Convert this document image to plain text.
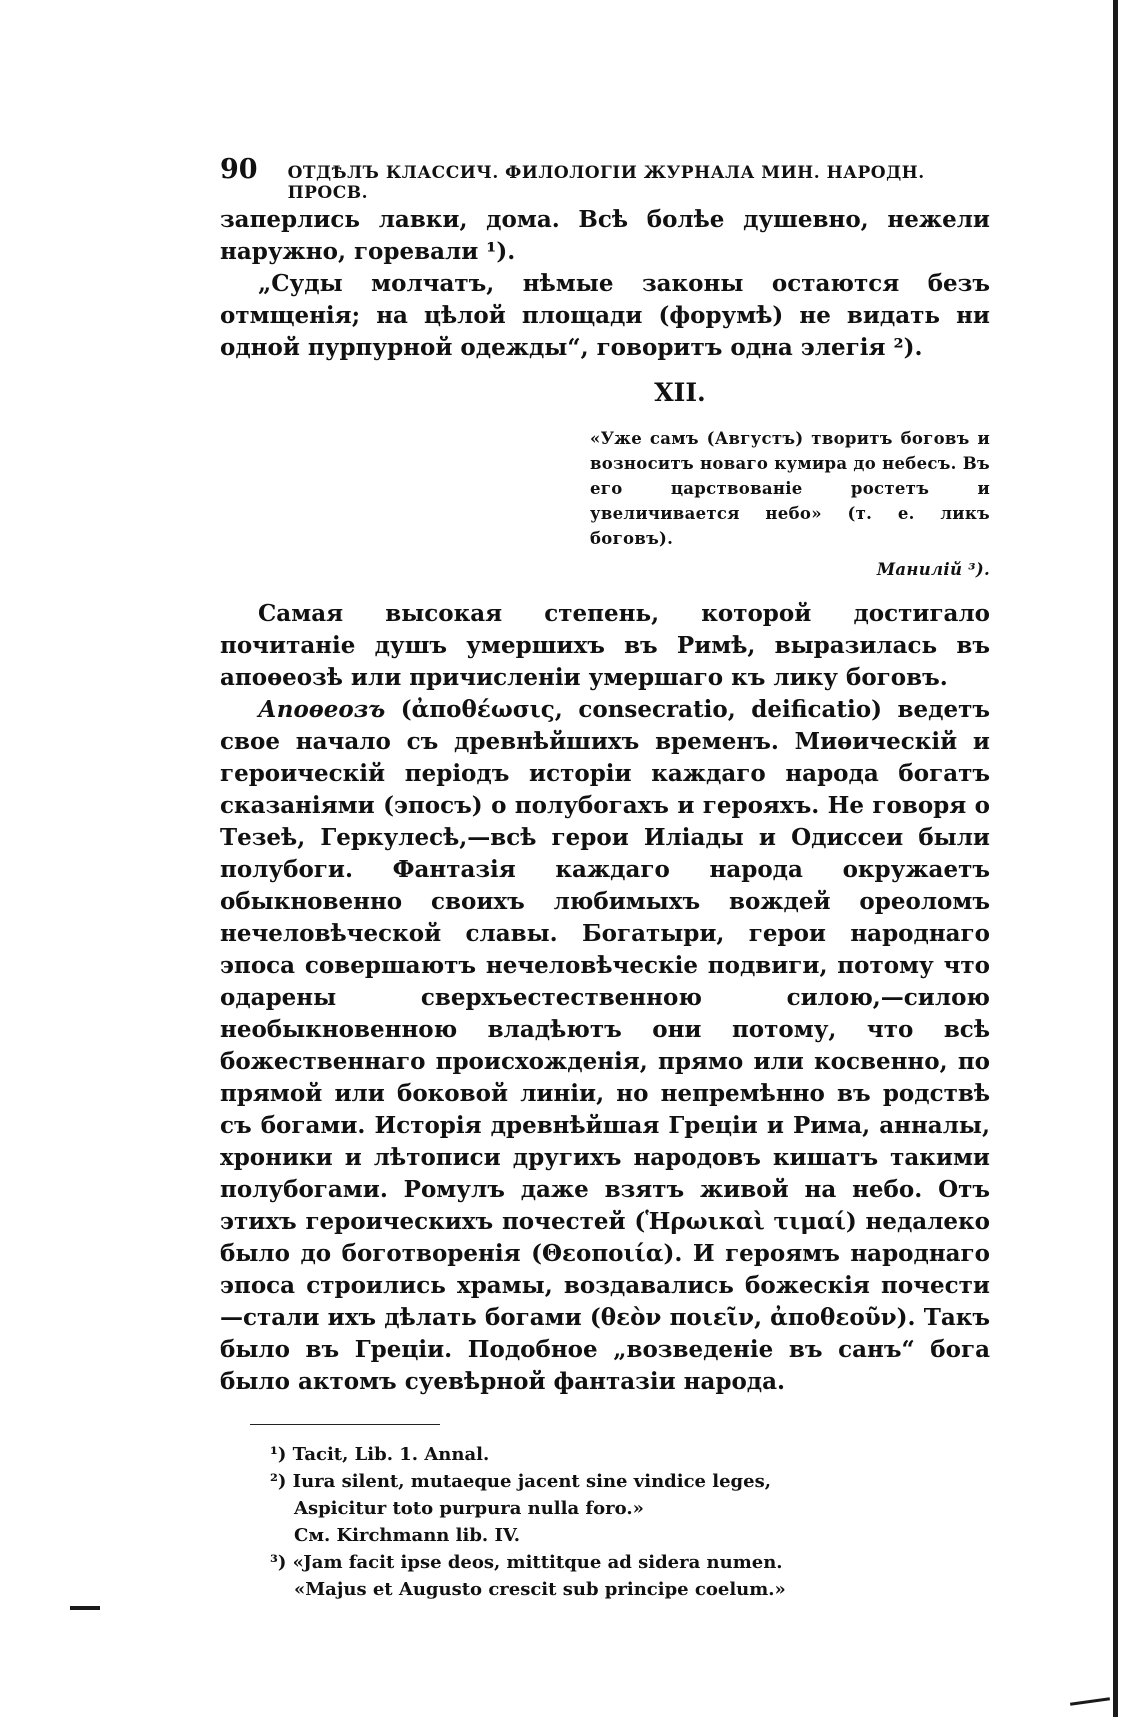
90 ОТДѢЛЪ КЛАССИЧ. ФИЛОЛОГІИ ЖУРНАЛА МИН. НАРОДН. ПРОСВ.

заперлись лавки, дома. Всѣ болѣе душевно, нежели наружно, горевали ¹).

„Суды молчатъ, нѣмые законы остаются безъ отмщенія; на цѣлой площади (форумѣ) не видать ни одной пурпурной одежды“, говоритъ одна элегія ²).

XII.

«Уже самъ (Августъ) творитъ боговъ и возноситъ новаго кумира до небесъ. Въ его царствованіе ростетъ и увеличивается небо» (т. е. ликъ боговъ).

Манилій ³).

Самая высокая степень, которой достигало почитаніе душъ умершихъ въ Римѣ, выразилась въ апоѳеозѣ или причисленіи умершаго къ лику боговъ.

Апоѳеозъ (ἀποθέωσις, consecratio, deificatio) ведетъ свое начало съ древнѣйшихъ временъ. Миѳическій и героическій періодъ исторіи каждаго народа богатъ сказаніями (эпосъ) о полубогахъ и герояхъ. Не говоря о Тезеѣ, Геркулесѣ,—всѣ герои Иліады и Одиссеи были полубоги. Фантазія каждаго народа окружаетъ обыкновенно своихъ любимыхъ вождей ореоломъ нечеловѣческой славы. Богатыри, герои народнаго эпоса совершаютъ нечеловѣческіе подвиги, потому что одарены сверхъестественною силою,—силою необыкновенною владѣютъ они потому, что всѣ божественнаго происхожденія, прямо или косвенно, по прямой или боковой линіи, но непремѣнно въ родствѣ съ богами. Исторія древнѣйшая Греціи и Рима, анналы, хроники и лѣтописи другихъ народовъ кишатъ такими полубогами. Ромулъ даже взятъ живой на небо. Отъ этихъ героическихъ почестей (Ἡρωικαὶ τιμαί) недалеко было до боготворенія (Θεοποιία). И героямъ народнаго эпоса строились храмы, воздавались божескія почести—стали ихъ дѣлать богами (θεὸν ποιεῖν, ἀποθεοῦν). Такъ было въ Греціи. Подобное „возведеніе въ санъ“ бога было актомъ суевѣрной фантазіи народа.

¹) Tacit, Lib. 1. Annal.

²) Iura silent, mutaeque jacent sine vindice leges,

Aspicitur toto purpura nulla foro.»

См. Kirchmann lib. IV.

³) «Jam facit ipse deos, mittitque ad sidera numen.

«Majus et Augusto crescit sub principe coelum.»
